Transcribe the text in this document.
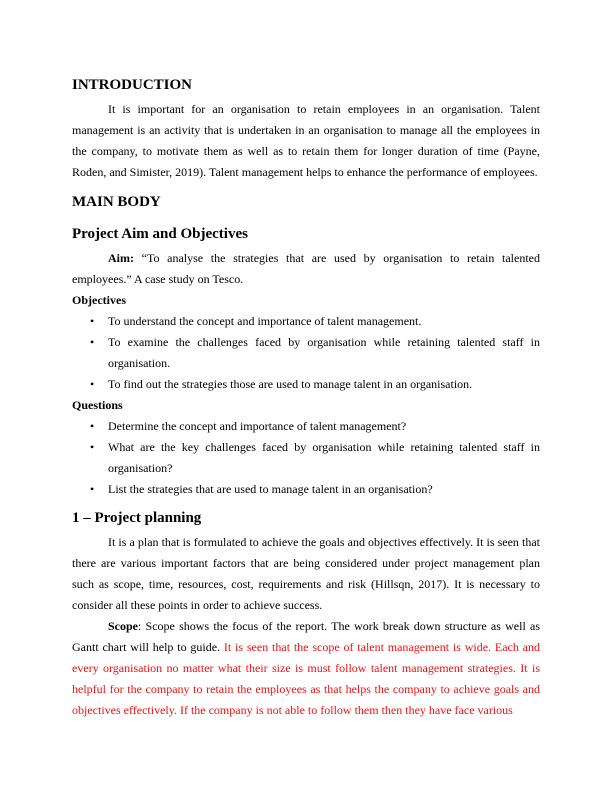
INTRODUCTION

It is important for an organisation to retain employees in an organisation. Talent management is an activity that is undertaken in an organisation to manage all the employees in the company, to motivate them as well as to retain them for longer duration of time (Payne, Roden, and Simister, 2019). Talent management helps to enhance the performance of employees.

MAIN BODY
Project Aim and Objectives

Aim: “To analyse the strategies that are used by organisation to retain talented employees.” A case study on Tesco.

Objectives
• To understand the concept and importance of talent management.
• To examine the challenges faced by organisation while retaining talented staff in organisation.
• To find out the strategies those are used to manage talent in an organisation.
Questions
• Determine the concept and importance of talent management?
• What are the key challenges faced by organisation while retaining talented staff in organisation?
• List the strategies that are used to manage talent in an organisation?
1 – Project planning

It is a plan that is formulated to achieve the goals and objectives effectively. It is seen that there are various important factors that are being considered under project management plan such as scope, time, resources, cost, requirements and risk (Hillsqn, 2017). It is necessary to consider all these points in order to achieve success.

Scope: Scope shows the focus of the report. The work break down structure as well as Gantt chart will help to guide. It is seen that the scope of talent management is wide. Each and every organisation no matter what their size is must follow talent management strategies. It is helpful for the company to retain the employees as that helps the company to achieve goals and objectives effectively. If the company is not able to follow them then they have face various
